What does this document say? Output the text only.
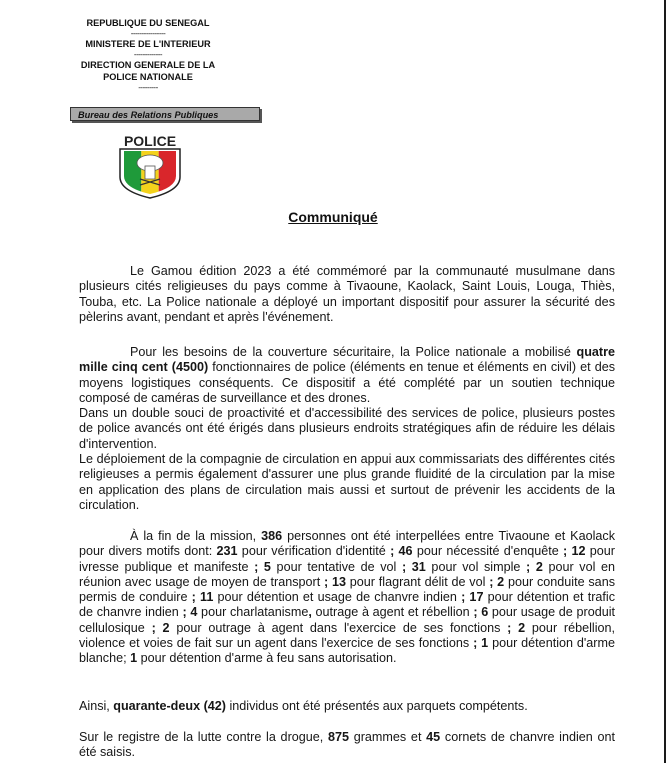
REPUBLIQUE DU SENEGAL
----------------
MINISTERE DE L'INTERIEUR
-------------
DIRECTION GENERALE DE LA
POLICE NATIONALE
---------
Bureau des Relations Publiques
POLICE
Communiqué
Le Gamou édition 2023 a été commémoré par la communauté musulmane dans plusieurs cités religieuses du pays comme à Tivaoune, Kaolack, Saint Louis, Louga, Thiès, Touba, etc. La Police nationale a déployé un important dispositif pour assurer la sécurité des pèlerins avant, pendant et après l'événement.
Pour les besoins de la couverture sécuritaire, la Police nationale a mobilisé quatre mille cinq cent (4500) fonctionnaires de police (éléments en tenue et éléments en civil) et des moyens logistiques conséquents. Ce dispositif a été complété par un soutien technique composé de caméras de surveillance et des drones.
Dans un double souci de proactivité et d'accessibilité des services de police, plusieurs postes de police avancés ont été érigés dans plusieurs endroits stratégiques afin de réduire les délais d'intervention.
Le déploiement de la compagnie de circulation en appui aux commissariats des différentes cités religieuses a permis également d'assurer une plus grande fluidité de la circulation par la mise en application des plans de circulation mais aussi et surtout de prévenir les accidents de la circulation.
À la fin de la mission, 386 personnes ont été interpellées entre Tivaoune et Kaolack pour divers motifs dont: 231 pour vérification d'identité ; 46 pour nécessité d'enquête ; 12 pour ivresse publique et manifeste ; 5 pour tentative de vol ; 31 pour vol simple ; 2 pour vol en réunion avec usage de moyen de transport ; 13 pour flagrant délit de vol ; 2 pour conduite sans permis de conduire ; 11 pour détention et usage de chanvre indien ; 17 pour détention et trafic de chanvre indien ; 4 pour charlatanisme, outrage à agent et rébellion ; 6 pour usage de produit cellulosique ; 2 pour outrage à agent dans l'exercice de ses fonctions ; 2 pour rébellion, violence et voies de fait sur un agent dans l'exercice de ses fonctions ; 1 pour détention d'arme blanche; 1 pour détention d'arme à feu sans autorisation.
Ainsi, quarante-deux (42) individus ont été présentés aux parquets compétents.
Sur le registre de la lutte contre la drogue, 875 grammes et 45 cornets de chanvre indien ont été saisis.
